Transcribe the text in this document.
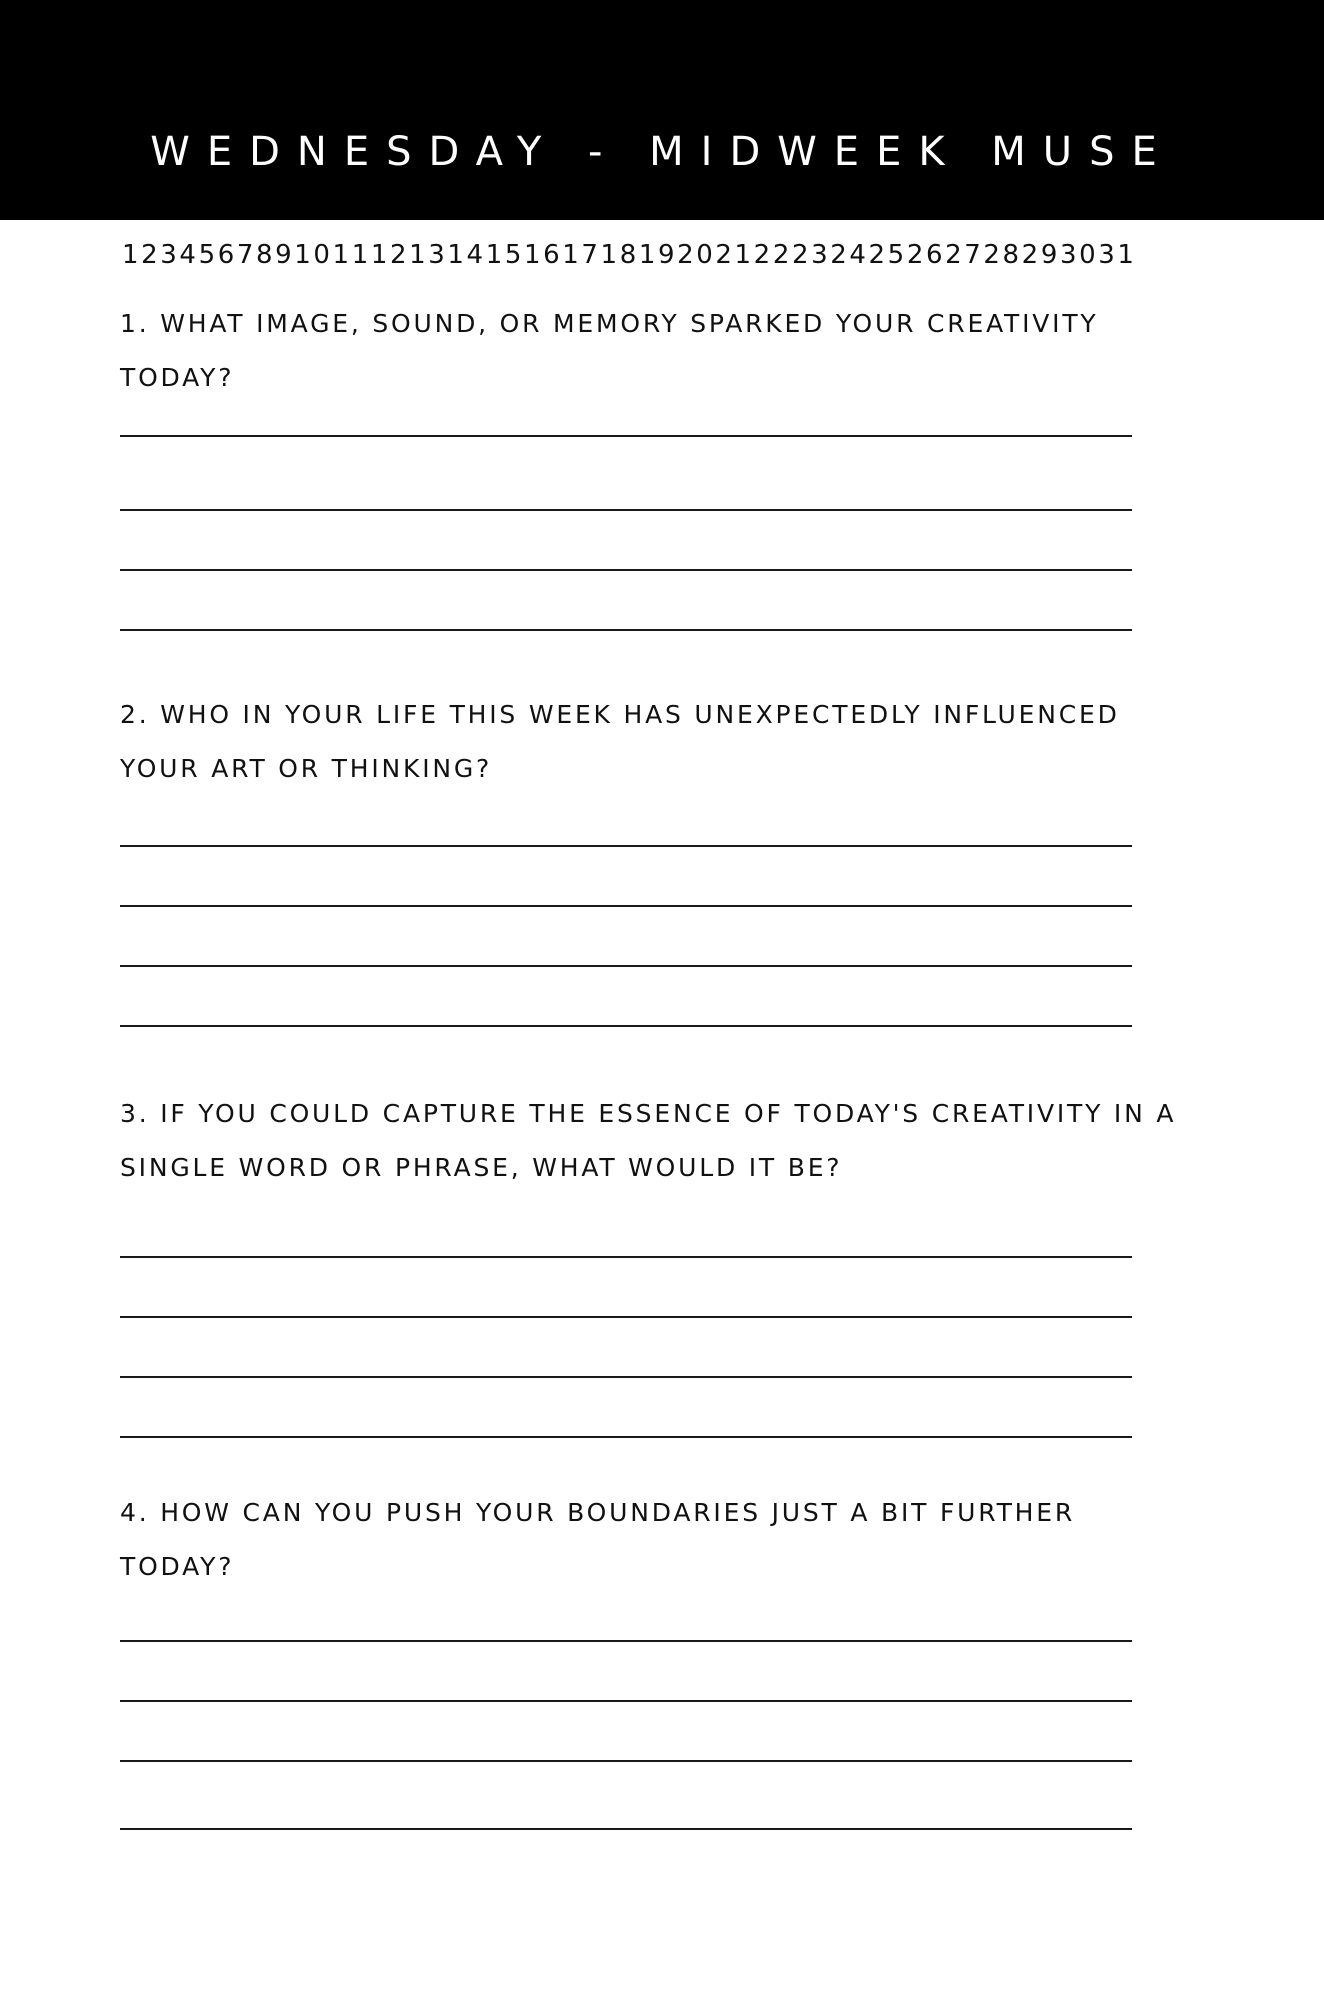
WEDNESDAY - MIDWEEK MUSE
12345678910111213141516171819202122232425262728293031
1. WHAT IMAGE, SOUND, OR MEMORY SPARKED YOUR CREATIVITY TODAY?
2. WHO IN YOUR LIFE THIS WEEK HAS UNEXPECTEDLY INFLUENCED YOUR ART OR THINKING?
3. IF YOU COULD CAPTURE THE ESSENCE OF TODAY'S CREATIVITY IN A SINGLE WORD OR PHRASE, WHAT WOULD IT BE?
4. HOW CAN YOU PUSH YOUR BOUNDARIES JUST A BIT FURTHER TODAY?
